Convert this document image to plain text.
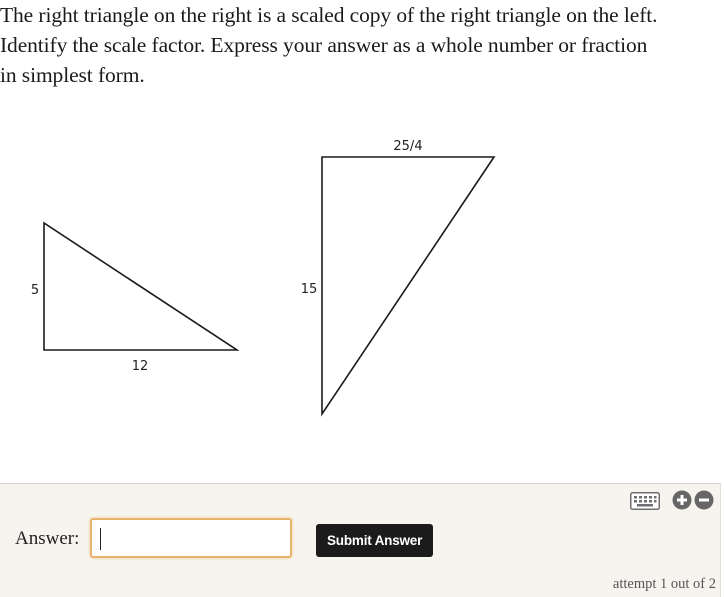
The right triangle on the right is a scaled copy of the right triangle on the left.
Identify the scale factor. Express your answer as a whole number or fraction
in simplest form.
5
12
25/4
15
Answer:	Submit Answer
attempt 1 out of 2
